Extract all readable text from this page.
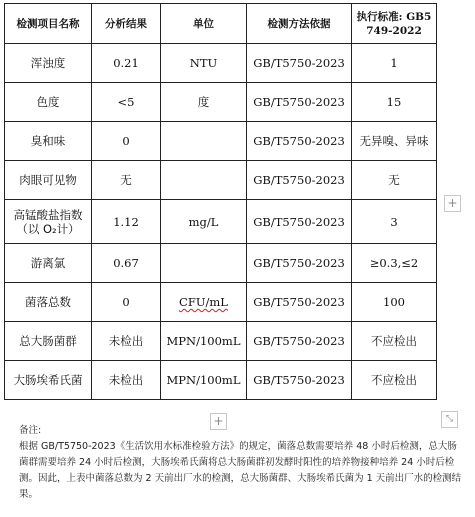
检测项目名称	分析结果	单位	检测方法依据	执行标准: GB5749-2022
浑浊度	0.21	NTU	GB/T5750-2023	1
色度	<5	度	GB/T5750-2023	15
臭和味	0		GB/T5750-2023	无异嗅、异味
肉眼可见物	无		GB/T5750-2023	无
高锰酸盐指数（以 O₂计）	1.12	mg/L	GB/T5750-2023	3
游离氯	0.67		GB/T5750-2023	≥0.3,≤2
菌落总数	0	CFU/mL	GB/T5750-2023	100
总大肠菌群	未检出	MPN/100mL	GB/T5750-2023	不应检出
大肠埃希氏菌	未检出	MPN/100mL	GB/T5750-2023	不应检出
+
+	⤡
备注:
根据 GB/T5750-2023《生活饮用水标准检验方法》的规定，菌落总数需要培养 48 小时后检测，总大肠菌群需要培养 24 小时后检测，大肠埃希氏菌将总大肠菌群初发酵时阳性的培养物接种培养 24 小时后检测。因此，上表中菌落总数为 2 天前出厂水的检测，总大肠菌群、大肠埃希氏菌为 1 天前出厂水的检测结果。
